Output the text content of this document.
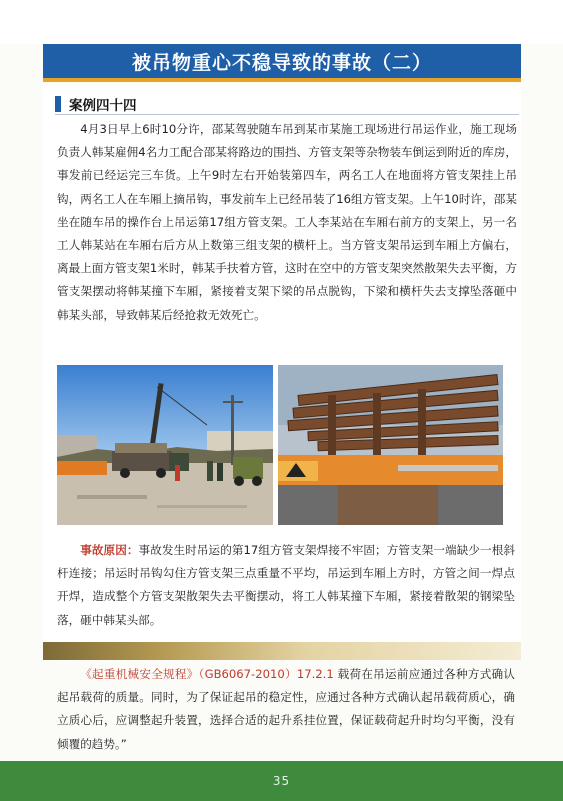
被吊物重心不稳导致的事故（二）
案例四十四
4月3日早上6时10分许，邵某驾驶随车吊到某市某施工现场进行吊运作业，施工现场负责人韩某雇佣4名力工配合邵某将路边的围挡、方管支架等杂物装车倒运到附近的库房，事发前已经运完三车货。上午9时左右开始装第四车，两名工人在地面将方管支架挂上吊钩，两名工人在车厢上摘吊钩，事发前车上已经吊装了16组方管支架。上午10时许，邵某坐在随车吊的操作台上吊运第17组方管支架。工人李某站在车厢右前方的支架上，另一名工人韩某站在车厢右后方从上数第三组支架的横杆上。当方管支架吊运到车厢上方偏右，离最上面方管支架1米时，韩某手扶着方管，这时在空中的方管支架突然散架失去平衡，方管支架摆动将韩某撞下车厢，紧接着支架下梁的吊点脱钩，下梁和横杆失去支撑坠落砸中韩某头部，导致韩某后经抢救无效死亡。
事故原因：事故发生时吊运的第17组方管支架焊接不牢固；方管支架一端缺少一根斜杆连接；吊运时吊钩勾住方管支架三点重量不平均，吊运到车厢上方时，方管之间一焊点开焊，造成整个方管支架散架失去平衡摆动，将工人韩某撞下车厢，紧接着散架的钢梁坠落，砸中韩某头部。
《起重机械安全规程》（GB6067-2010）17.2.1 载荷在吊运前应通过各种方式确认起吊载荷的质量。同时，为了保证起吊的稳定性，应通过各种方式确认起吊载荷质心，确立质心后，应调整起升装置，选择合适的起升系挂位置，保证载荷起升时均匀平衡，没有倾覆的趋势。”
35
